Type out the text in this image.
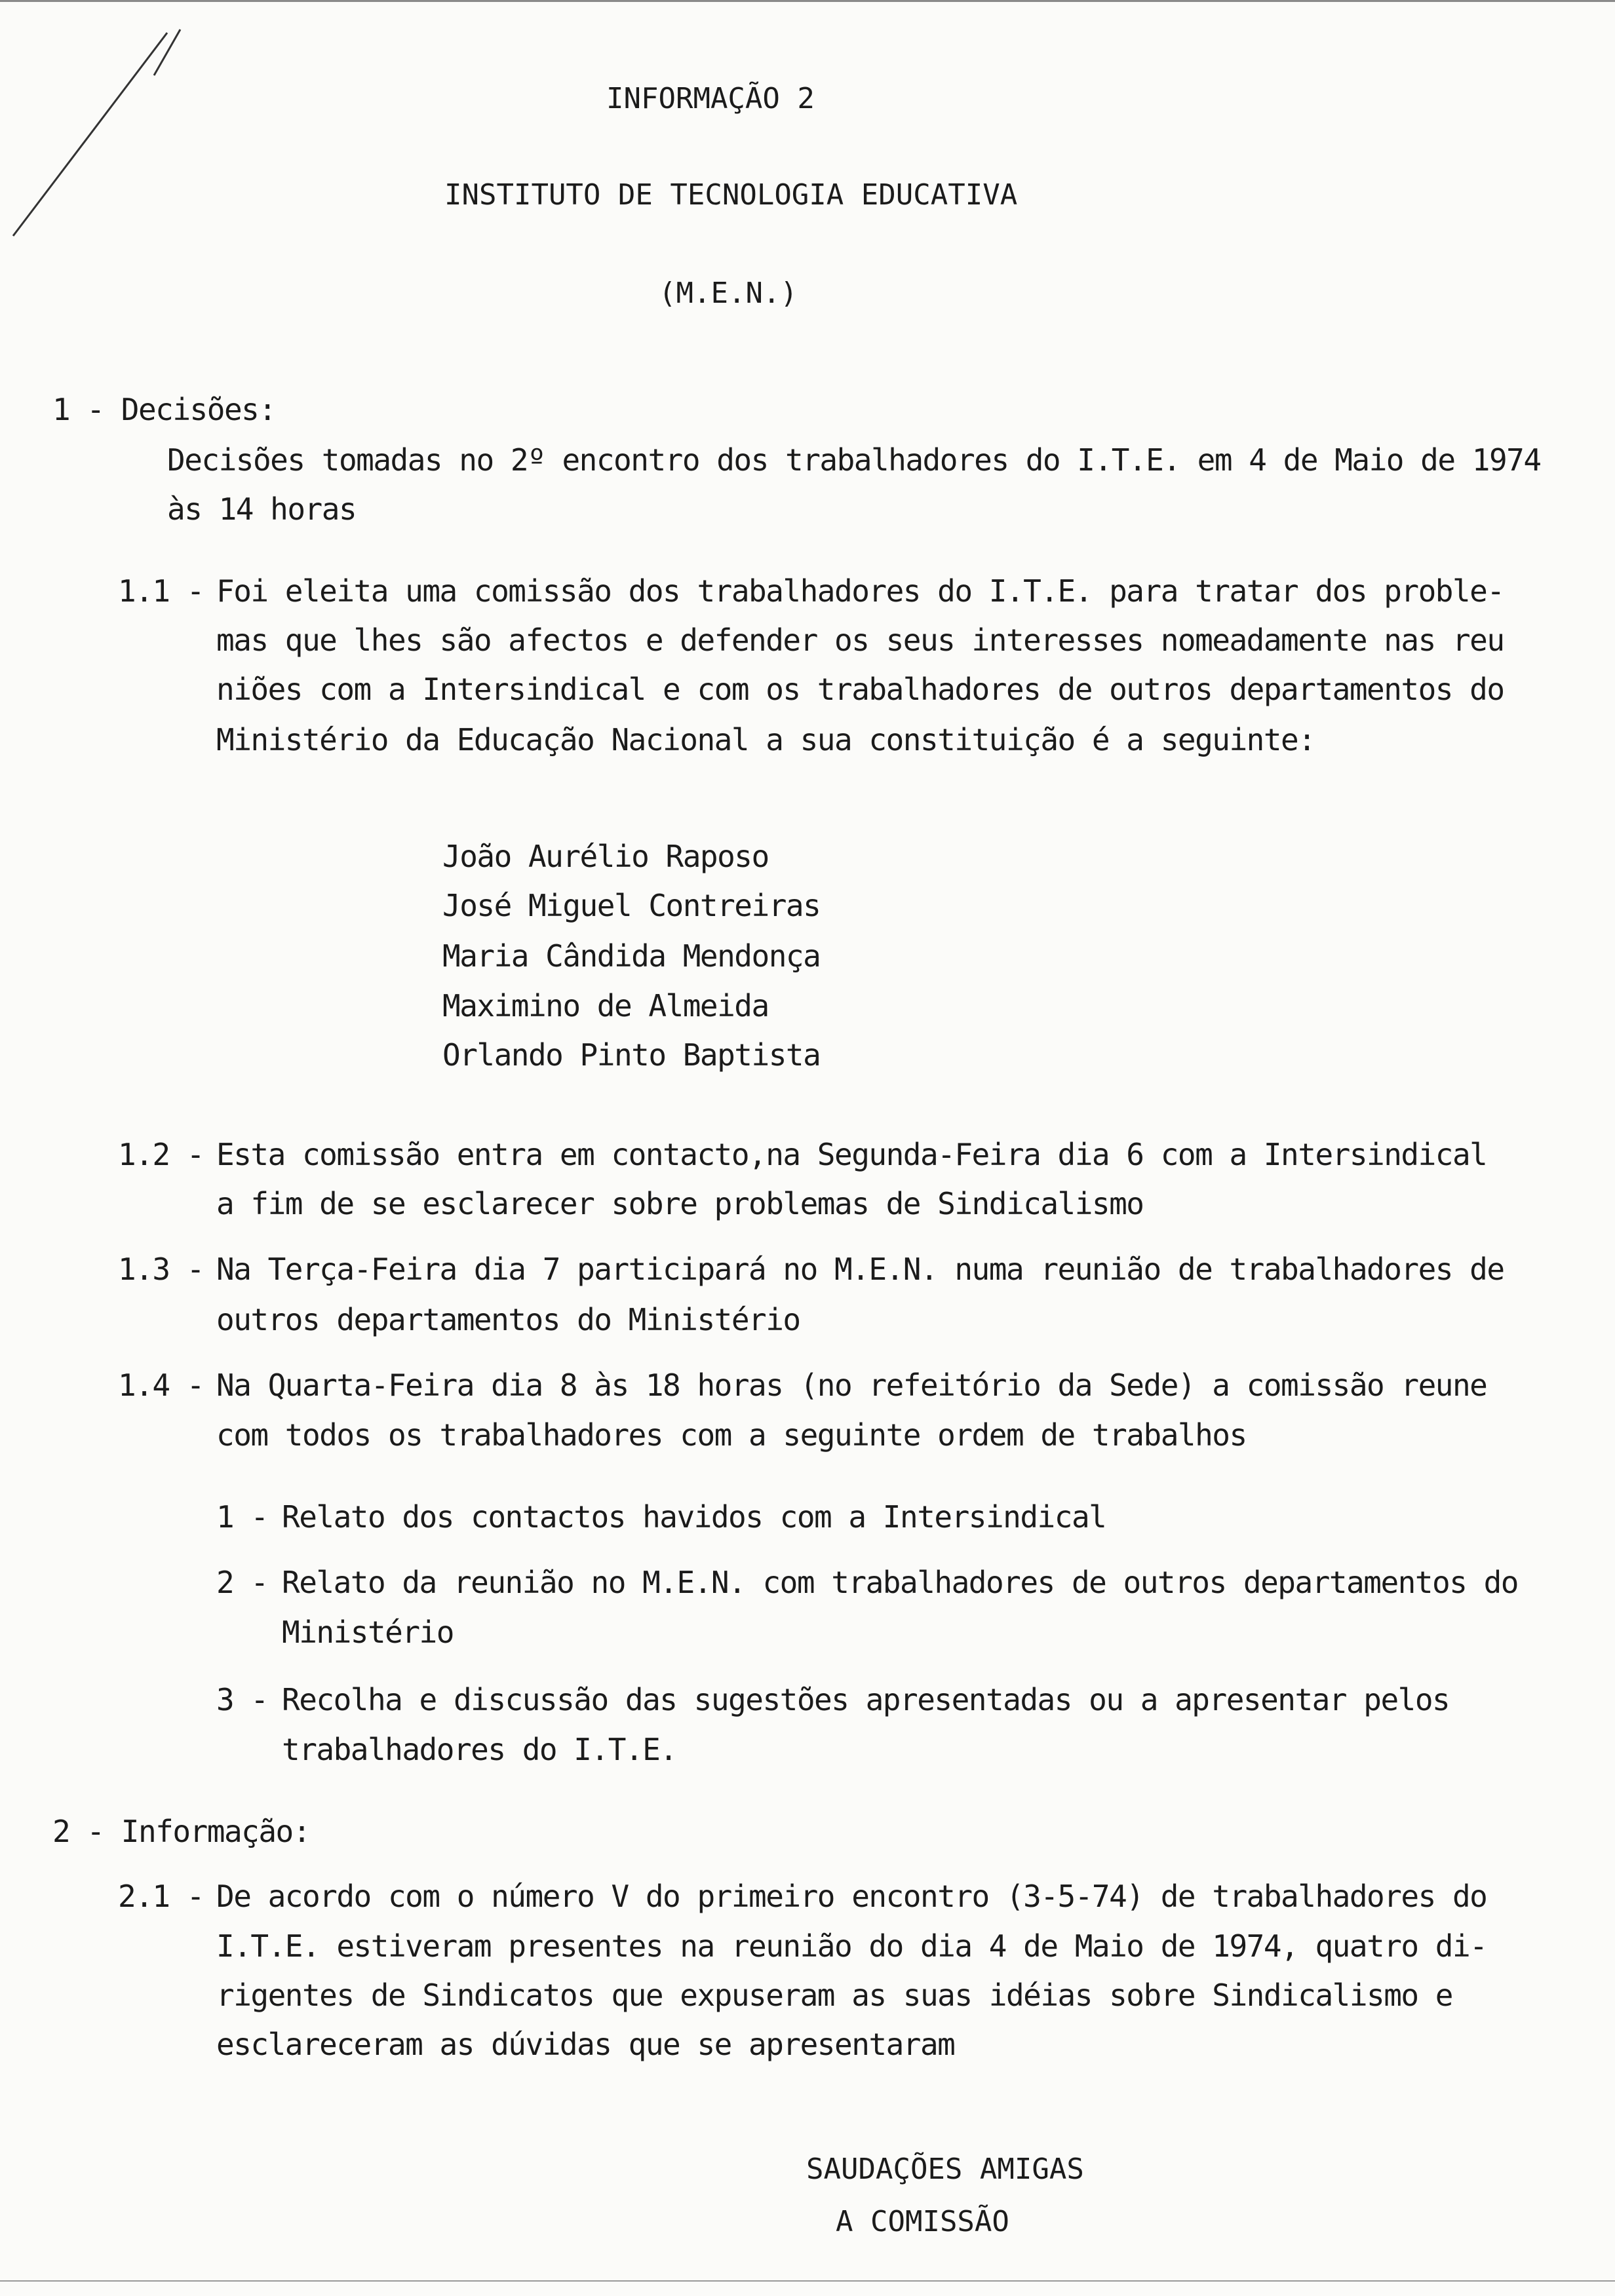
INFORMAÇÃO 2
INSTITUTO DE TECNOLOGIA EDUCATIVA
(M.E.N.)
1 - Decisões:
Decisões tomadas no 2º encontro dos trabalhadores do I.T.E. em 4 de Maio de 1974
às 14 horas
1.1 - Foi eleita uma comissão dos trabalhadores do I.T.E. para tratar dos proble-
mas que lhes são afectos e defender os seus interesses nomeadamente nas reu
niões com a Intersindical e com os trabalhadores de outros departamentos do
Ministério da Educação Nacional a sua constituição é a seguinte:
João Aurélio Raposo
José Miguel Contreiras
Maria Cândida Mendonça
Maximino de Almeida
Orlando Pinto Baptista
1.2 - Esta comissão entra em contacto,na Segunda-Feira dia 6 com a Intersindical
a fim de se esclarecer sobre problemas de Sindicalismo
1.3 - Na Terça-Feira dia 7 participará no M.E.N. numa reunião de trabalhadores de
outros departamentos do Ministério
1.4 - Na Quarta-Feira dia 8 às 18 horas (no refeitório da Sede) a comissão reune
com todos os trabalhadores com a seguinte ordem de trabalhos
1 - Relato dos contactos havidos com a Intersindical
2 - Relato da reunião no M.E.N. com trabalhadores de outros departamentos do
Ministério
3 - Recolha e discussão das sugestões apresentadas ou a apresentar pelos
trabalhadores do I.T.E.
2 - Informação:
2.1 - De acordo com o número V do primeiro encontro (3-5-74) de trabalhadores do
I.T.E. estiveram presentes na reunião do dia 4 de Maio de 1974, quatro di-
rigentes de Sindicatos que expuseram as suas idéias sobre Sindicalismo e
esclareceram as dúvidas que se apresentaram
SAUDAÇÕES AMIGAS
A COMISSÃO
